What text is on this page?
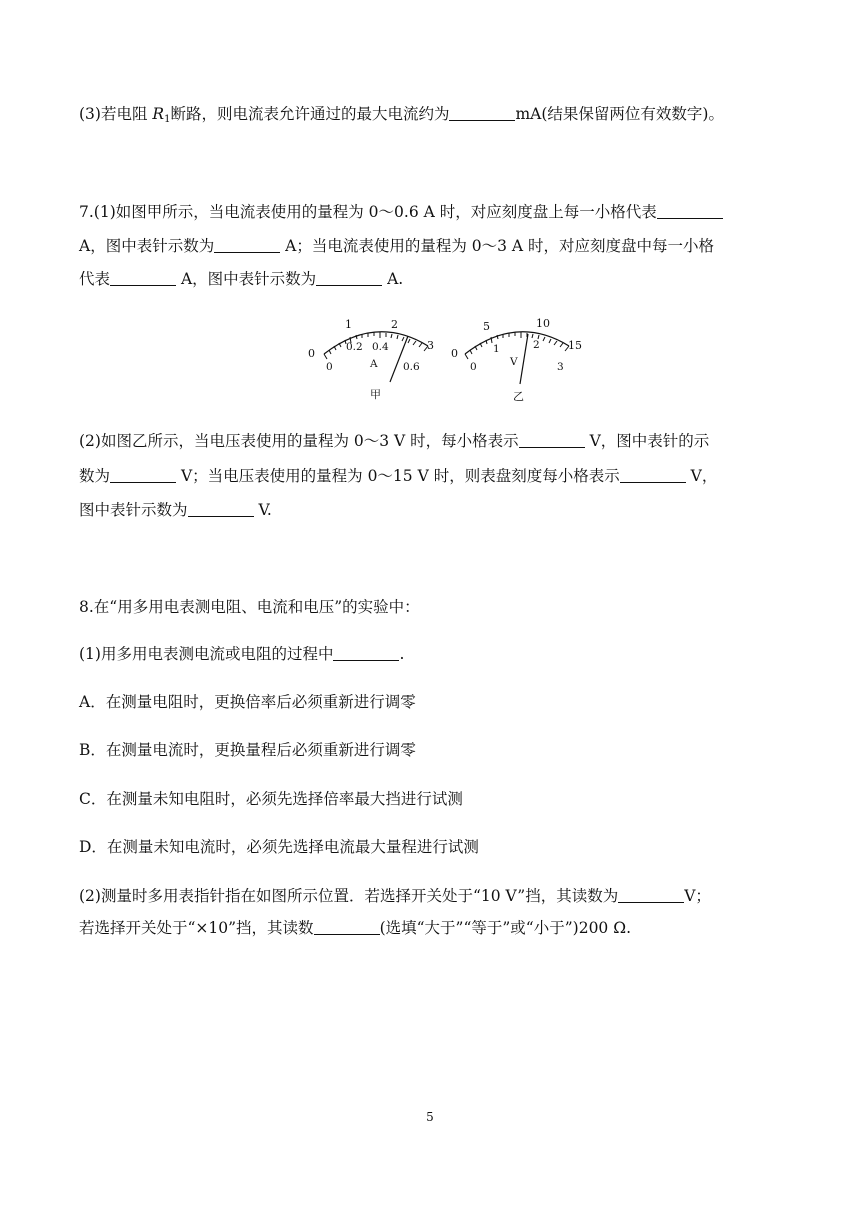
(3)若电阻 $R_1$断路，则电流表允许通过的最大电流约为	mA(结果保留两位有效数字)。
7.(1)如图甲所示，当电流表使用的量程为 0～0.6 A 时，对应刻度盘上每一小格代表
A，图中表针示数为	A；当电流表使用的量程为 0～3 A 时，对应刻度盘中每一小格
代表	A，图中表针示数为	A.
0
1	2
3
0
0.2 0.4
0.6
A
甲
0
5	10
15
0
1	2
3
V
乙
(2)如图乙所示，当电压表使用的量程为 0～3 V 时，每小格表示	V，图中表针的示
数为	V；当电压表使用的量程为 0～15 V 时，则表盘刻度每小格表示	V，
图中表针示数为	V.
8.在“用多用电表测电阻、电流和电压”的实验中：
(1)用多用电表测电流或电阻的过程中	.
A．在测量电阻时，更换倍率后必须重新进行调零
B．在测量电流时，更换量程后必须重新进行调零
C．在测量未知电阻时，必须先选择倍率最大挡进行试测
D．在测量未知电流时，必须先选择电流最大量程进行试测
(2)测量时多用表指针指在如图所示位置．若选择开关处于“10 V”挡，其读数为	V；
若选择开关处于“×10”挡，其读数	(选填“大于”“等于”或“小于”)200 Ω.
5
